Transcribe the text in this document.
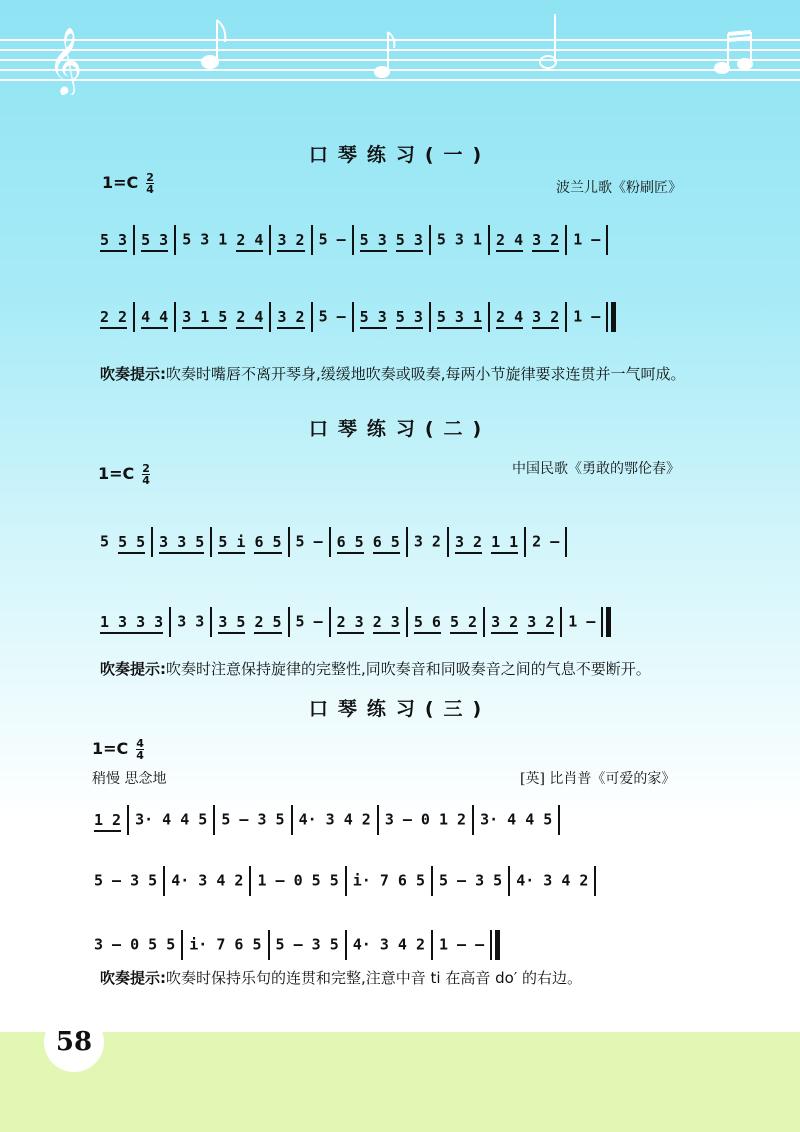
𝄞
口琴练习(一)
$1=C \frac{2}{4}$	波兰儿歌《粉刷匠》
5 3 5 3 5 3 1 2 4 3 2 5 – 5 3 5 3 5 3 1 2 4 3 2 1 –
2 2 4 4 3 1 5 2 4 3 2 5 – 5 3 5 3 5 3 1 2 4 3 2 1 –
吹奏提示:吹奏时嘴唇不离开琴身,缓缓地吹奏或吸奏,每两小节旋律要求连贯并一气呵成。
口琴练习(二)
$1=C \frac{2}{4}$	中国民歌《勇敢的鄂伦春》
5 5 5 3 3 5 5 i 6 5 5 – 6 5 6 5 3 2 3 2 1 1 2 –
1 3 3 3 3 3 3 5 2 5 5 – 2 3 2 3 5 6 5 2 3 2 3 2 1 –
吹奏提示:吹奏时注意保持旋律的完整性,同吹奏音和同吸奏音之间的气息不要断开。
口琴练习(三)
$1=C \frac{4}{4}$
稍慢 思念地	[英] 比肖普《可爱的家》
1 2 3· 4 4 5 5 – 3 5 4· 3 4 2 3 – 0 1 2 3· 4 4 5
5 – 3 5 4· 3 4 2 1 – 0 5 5 i· 7 6 5 5 – 3 5 4· 3 4 2
3 – 0 5 5 i· 7 6 5 5 – 3 5 4· 3 4 2 1 – –
吹奏提示:吹奏时保持乐句的连贯和完整,注意中音 ti 在高音 do′ 的右边。
58
